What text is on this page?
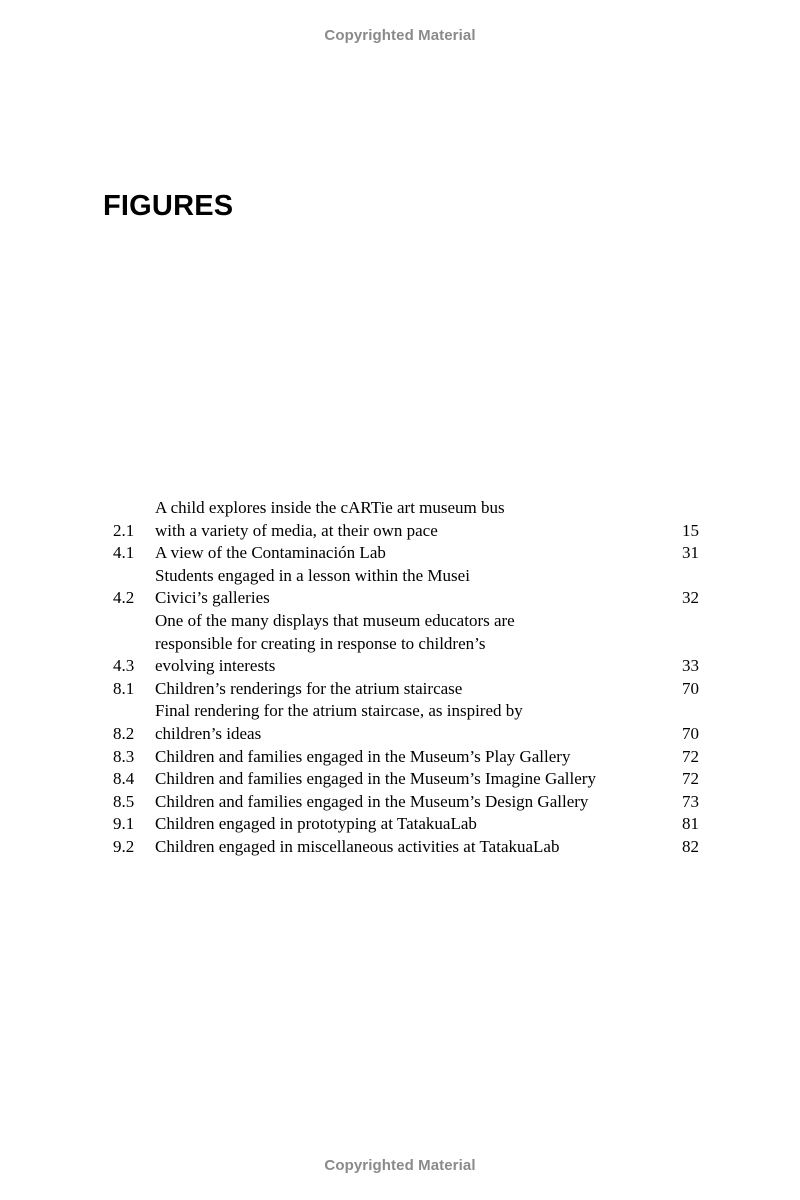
Copyrighted Material
FIGURES
2.1
A child explores inside the cARTie art museum bus
with a variety of media, at their own pace	15
4.1	A view of the Contaminación Lab	31
4.2
Students engaged in a lesson within the Musei
Civici’s galleries	32
4.3
One of the many displays that museum educators are
responsible for creating in response to children’s
evolving interests	33
8.1	Children’s renderings for the atrium staircase	70
8.2
Final rendering for the atrium staircase, as inspired by
children’s ideas	70
8.3	Children and families engaged in the Museum’s Play Gallery	72
8.4	Children and families engaged in the Museum’s Imagine Gallery	72
8.5	Children and families engaged in the Museum’s Design Gallery	73
9.1	Children engaged in prototyping at TatakuaLab	81
9.2	Children engaged in miscellaneous activities at TatakuaLab	82
Copyrighted Material
